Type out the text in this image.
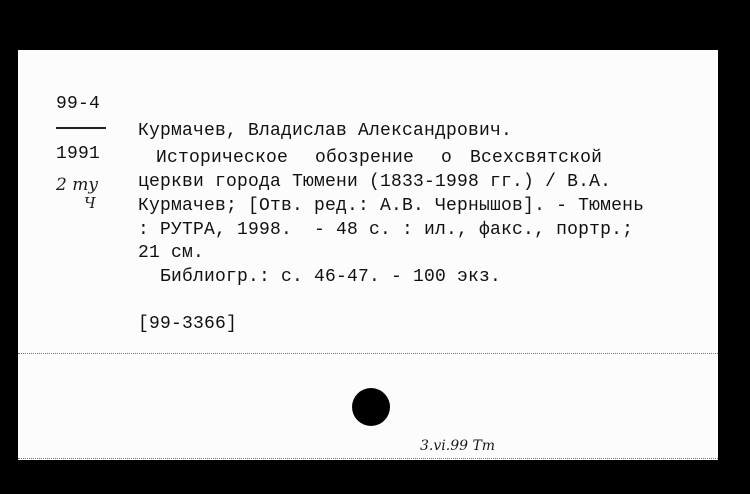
99-4
1991
2 ту
Ч
Курмачев, Владислав Александрович.
Историческое   обозрение   о  Всехсвятской
церкви города Тюмени (1833-1998 гг.) / В.А.
Курмачев; [Отв. ред.: А.В. Чернышов]. - Тюмень
: РУТРА, 1998.  - 48 с. : ил., факс., портр.;
21 см.
Библиогр.: с. 46-47. - 100 экз.
[99-3366]
3.vi.99 Тт
